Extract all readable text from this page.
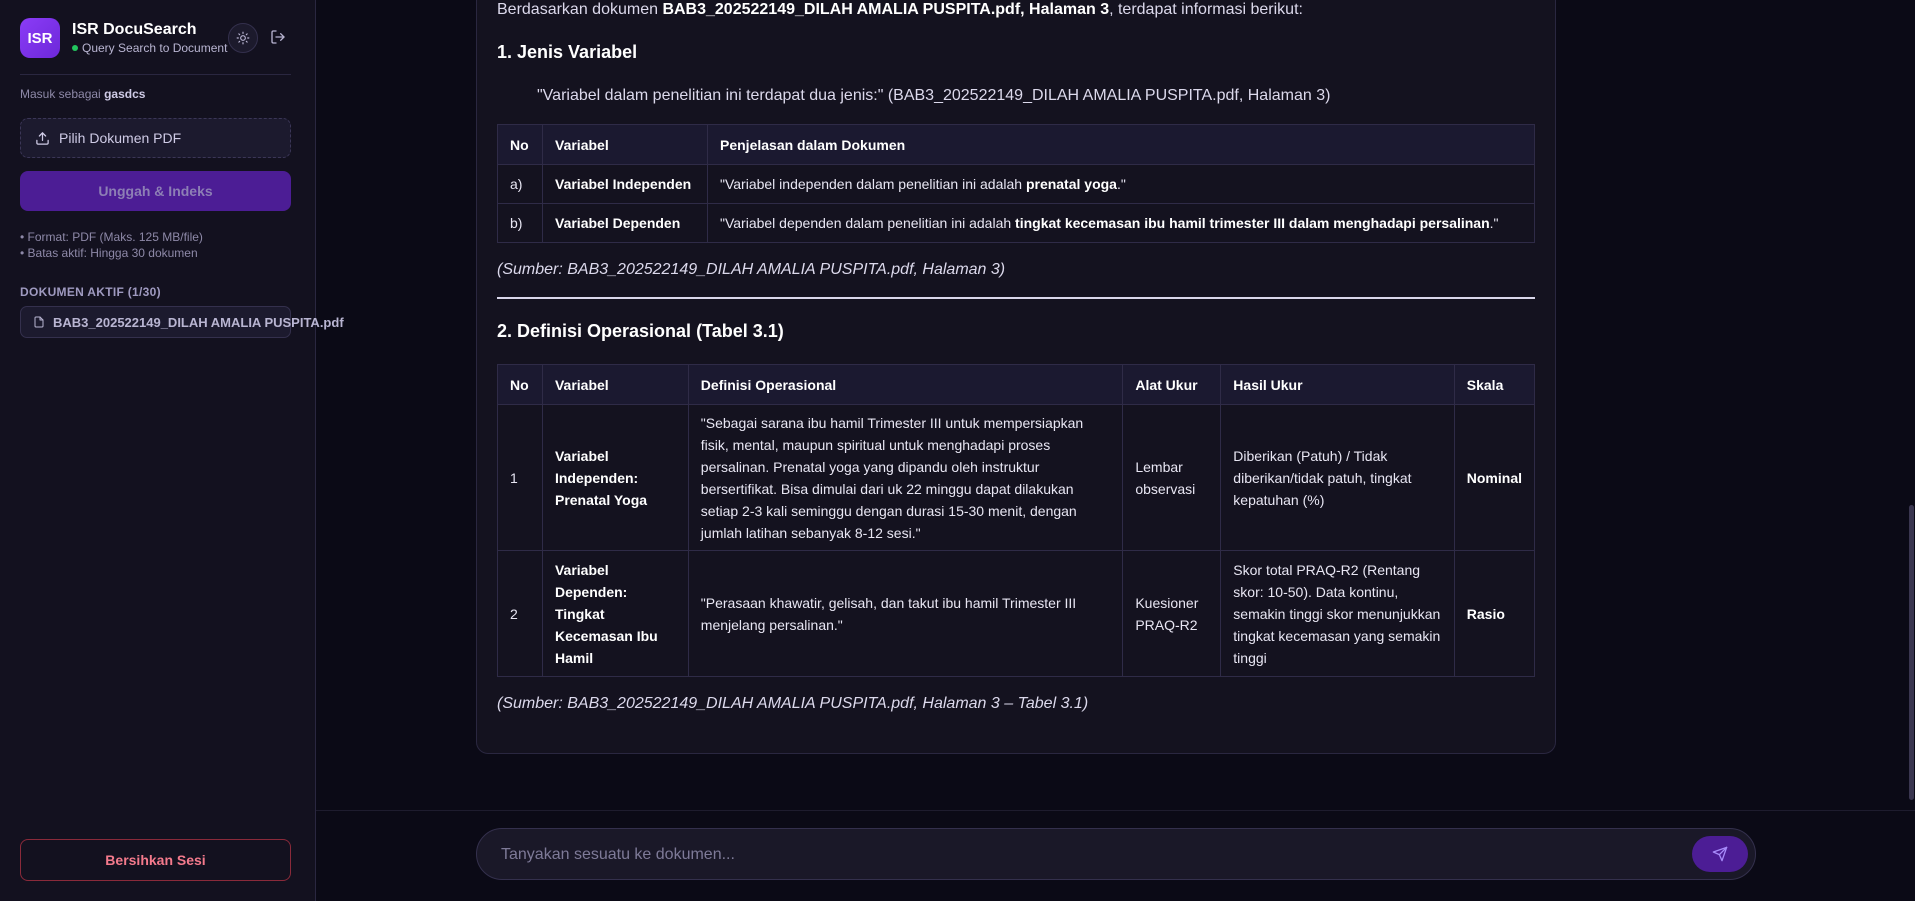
ISR	ISR DocuSearch
Query Search to Document
Masuk sebagai gasdcs
Pilih Dokumen PDF
Unggah & Indeks
• Format: PDF (Maks. 125 MB/file)
• Batas aktif: Hingga 30 dokumen
DOKUMEN AKTIF (1/30)
BAB3_202522149_DILAH AMALIA PUSPITA.pdf
Bersihkan Sesi
Berdasarkan dokumen BAB3_202522149_DILAH AMALIA PUSPITA.pdf, Halaman 3, terdapat informasi berikut:
1. Jenis Variabel
"Variabel dalam penelitian ini terdapat dua jenis:" (BAB3_202522149_DILAH AMALIA PUSPITA.pdf, Halaman 3)
No	Variabel	Penjelasan dalam Dokumen
a)	Variabel Independen	"Variabel independen dalam penelitian ini adalah prenatal yoga."
b)	Variabel Dependen	"Variabel dependen dalam penelitian ini adalah tingkat kecemasan ibu hamil trimester III dalam menghadapi persalinan."
(Sumber: BAB3_202522149_DILAH AMALIA PUSPITA.pdf, Halaman 3)
2. Definisi Operasional (Tabel 3.1)
No	Variabel	Definisi Operasional	Alat Ukur	Hasil Ukur	Skala
1	Variabel Independen: Prenatal Yoga	"Sebagai sarana ibu hamil Trimester III untuk mempersiapkan fisik, mental, maupun spiritual untuk menghadapi proses persalinan. Prenatal yoga yang dipandu oleh instruktur bersertifikat. Bisa dimulai dari uk 22 minggu dapat dilakukan setiap 2-3 kali seminggu dengan durasi 15-30 menit, dengan jumlah latihan sebanyak 8-12 sesi."	Lembar observasi	Diberikan (Patuh) / Tidak diberikan/tidak patuh, tingkat kepatuhan (%)	Nominal
2	Variabel Dependen: Tingkat Kecemasan Ibu Hamil	"Perasaan khawatir, gelisah, dan takut ibu hamil Trimester III menjelang persalinan."	Kuesioner PRAQ-R2	Skor total PRAQ-R2 (Rentang skor: 10-50). Data kontinu, semakin tinggi skor menunjukkan tingkat kecemasan yang semakin tinggi	Rasio
(Sumber: BAB3_202522149_DILAH AMALIA PUSPITA.pdf, Halaman 3 – Tabel 3.1)
Tanyakan sesuatu ke dokumen...
